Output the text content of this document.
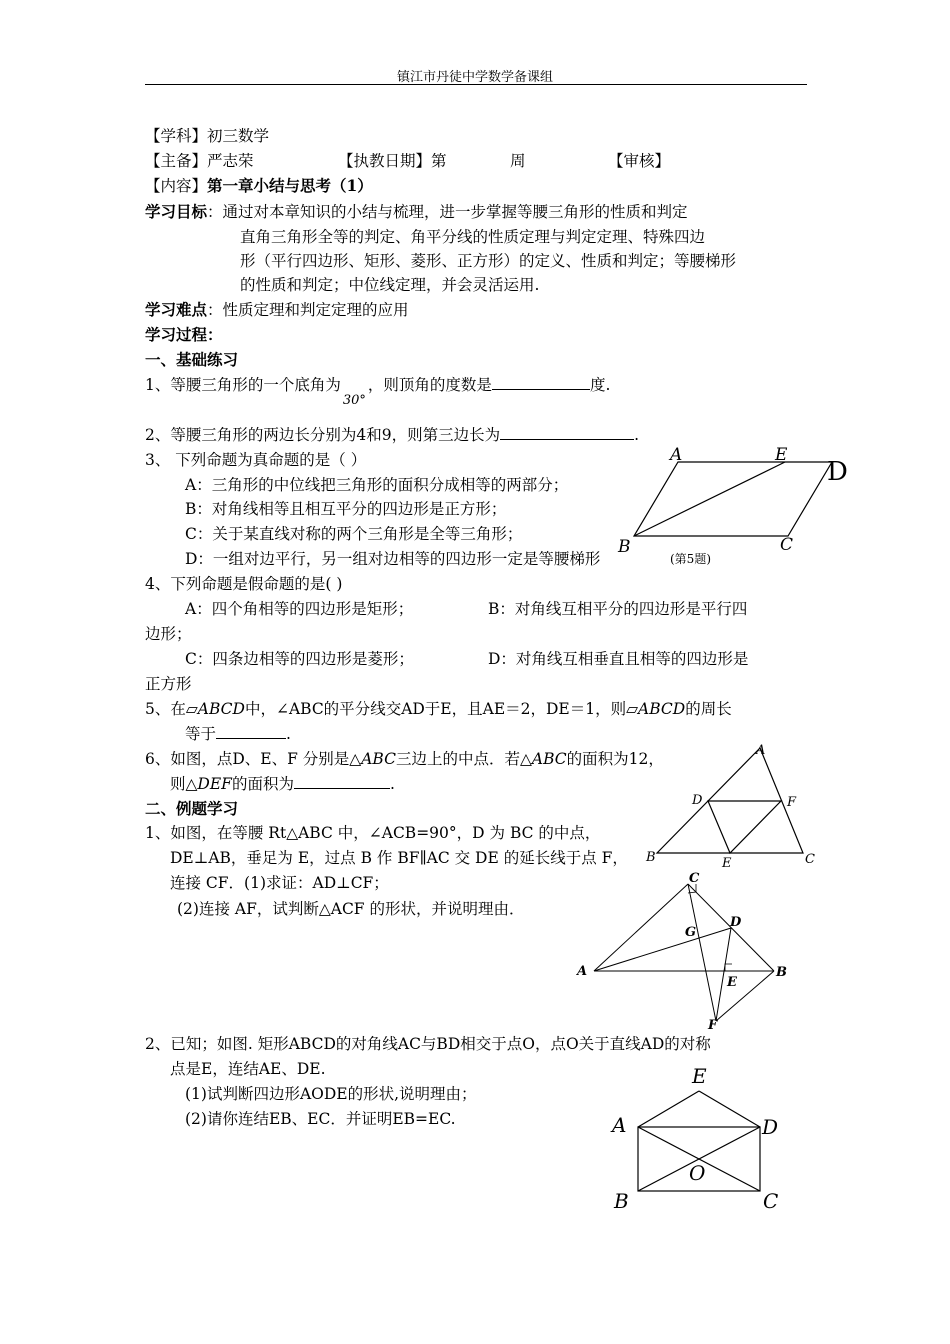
镇江市丹徒中学数学备课组
【学科】初三数学
【主备】严志荣	【执教日期】第	周	【审核】
【内容】第一章小结与思考（1）
学习目标：通过对本章知识的小结与梳理，进一步掌握等腰三角形的性质和判定
直角三角形全等的判定、角平分线的性质定理与判定定理、特殊四边
形（平行四边形、矩形、菱形、正方形）的定义、性质和判定；等腰梯形
的性质和判定；中位线定理，并会灵活运用.
学习难点：性质定理和判定定理的应用
学习过程：
一、基础练习
1、等腰三角形的一个底角为$_{30^\circ}$，则顶角的度数是	度.
2、等腰三角形的两边长分别为4和9，则第三边长为	.
3、 下列命题为真命题的是（ ）
A：三角形的中位线把三角形的面积分成相等的两部分；
B：对角线相等且相互平分的四边形是正方形；
C：关于某直线对称的两个三角形是全等三角形；
D：一组对边平行，另一组对边相等的四边形一定是等腰梯形
4、下列命题是假命题的是( )
A：四个角相等的四边形是矩形；	B：对角线互相平分的四边形是平行四
边形；
C：四条边相等的四边形是菱形；	D：对角线互相垂直且相等的四边形是
正方形
5、在▱ABCD中，∠ABC的平分线交AD于E，且AE＝2，DE＝1，则▱ABCD的周长
等于	.
6、如图，点D、E、F 分别是△ABC三边上的中点．若△ABC的面积为12，
则△DEF的面积为	.
二、例题学习
1、如图，在等腰 Rt△ABC 中，∠ACB=90°，D 为 BC 的中点，
DE⊥AB，垂足为 E，过点 B 作 BF∥AC 交 DE 的延长线于点 F，
连接 CF．(1)求证：AD⊥CF；
(2)连接 AF，试判断△ACF 的形状，并说明理由．
2、已知；如图. 矩形ABCD的对角线AC与BD相交于点O，点O关于直线AD的对称
点是E，连结AE、DE.
(1)试判断四边形AODE的形状,说明理由；
(2)请你连结EB、EC．并证明EB=EC.
A	E
D
B	C
(第5题)
A
D	F
B	E	C
C
G
D
A
E
B
F
E
A	D
O
B	C
